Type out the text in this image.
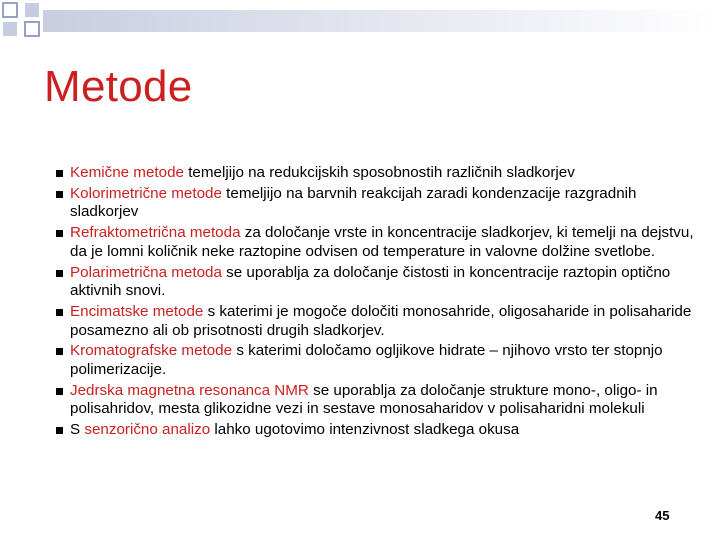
Metode
Kemične metode temeljijo na redukcijskih sposobnostih različnih sladkorjev
Kolorimetrične metode temeljijo na barvnih reakcijah zaradi kondenzacije razgradnih sladkorjev
Refraktometrična metoda za določanje vrste in koncentracije sladkorjev, ki temelji na dejstvu, da je lomni količnik neke raztopine odvisen od temperature in valovne dolžine svetlobe.
Polarimetrična metoda se uporablja za določanje čistosti in koncentracije raztopin optično aktivnih snovi.
Encimatske metode s katerimi je mogoče določiti monosahride, oligosaharide in polisaharide posamezno ali ob prisotnosti drugih sladkorjev.
Kromatografske metode s katerimi določamo ogljikove hidrate – njihovo vrsto ter stopnjo polimerizacije.
Jedrska magnetna resonanca NMR se uporablja za določanje strukture mono-, oligo- in polisahridov, mesta glikozidne vezi in sestave monosaharidov v polisaharidni molekuli
S senzorično analizo lahko ugotovimo intenzivnost sladkega okusa
45
